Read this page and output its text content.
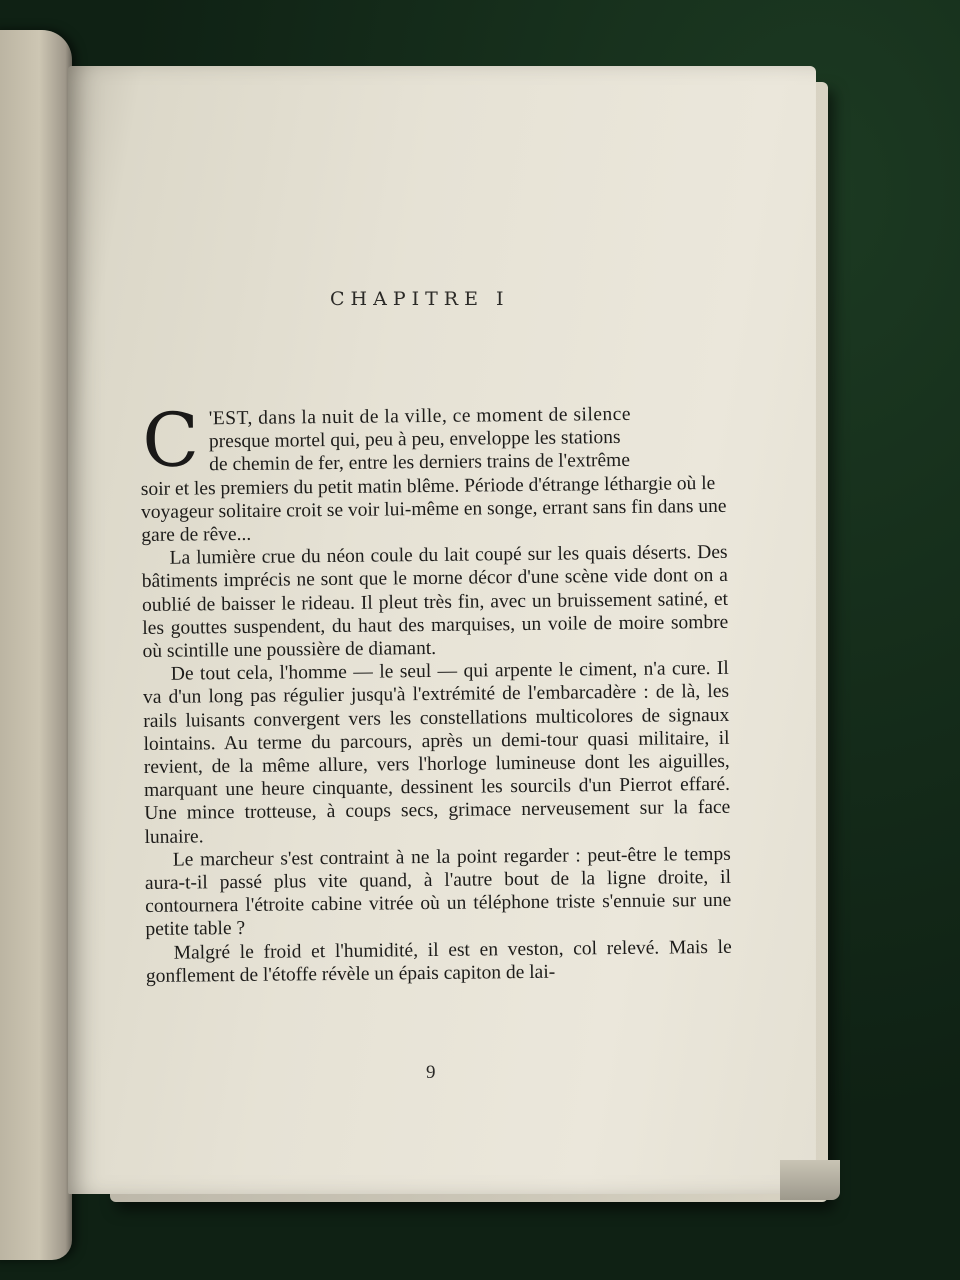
CHAPITRE I

C 'EST, dans la nuit de la ville, ce moment de silence
presque mortel qui, peu à peu, enveloppe les stations
de chemin de fer, entre les derniers trains de l'extrême
soir et les premiers du petit matin blême. Période d'étrange léthargie où le voyageur solitaire croit se voir lui-même en songe, errant sans fin dans une gare de rêve...

La lumière crue du néon coule du lait coupé sur les quais déserts. Des bâtiments imprécis ne sont que le morne décor d'une scène vide dont on a oublié de baisser le rideau. Il pleut très fin, avec un bruissement satiné, et les gouttes suspendent, du haut des marquises, un voile de moire sombre où scintille une poussière de diamant.

De tout cela, l'homme — le seul — qui arpente le ciment, n'a cure. Il va d'un long pas régulier jusqu'à l'extrémité de l'embarcadère : de là, les rails luisants convergent vers les constellations multicolores de signaux lointains. Au terme du parcours, après un demi-tour quasi militaire, il revient, de la même allure, vers l'horloge lumineuse dont les aiguilles, marquant une heure cinquante, dessinent les sourcils d'un Pierrot effaré. Une mince trotteuse, à coups secs, grimace nerveusement sur la face lunaire.

Le marcheur s'est contraint à ne la point regarder : peut-être le temps aura-t-il passé plus vite quand, à l'autre bout de la ligne droite, il contournera l'étroite cabine vitrée où un téléphone triste s'ennuie sur une petite table ?

Malgré le froid et l'humidité, il est en veston, col relevé. Mais le gonflement de l'étoffe révèle un épais capiton de lai-

9
